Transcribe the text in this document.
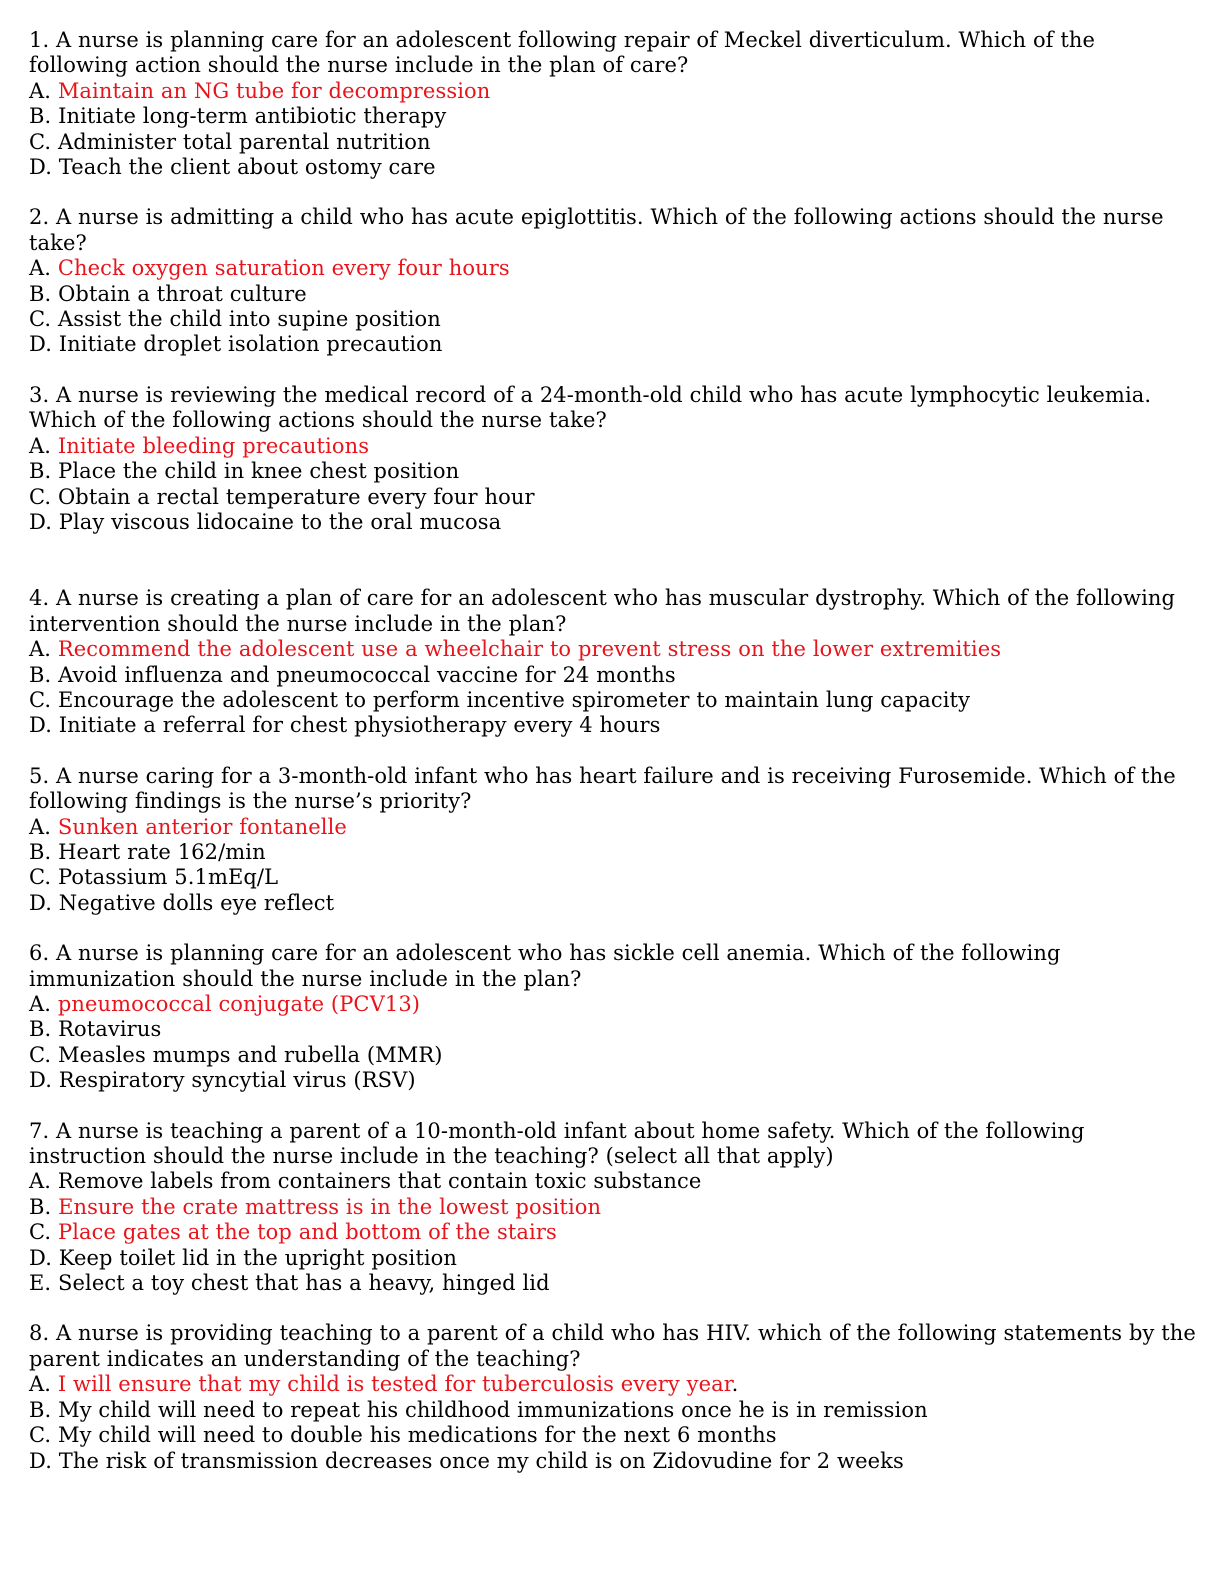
1. A nurse is planning care for an adolescent following repair of Meckel diverticulum. Which of the following action should the nurse include in the plan of care?

A. Maintain an NG tube for decompression

B. Initiate long-term antibiotic therapy

C. Administer total parental nutrition

D. Teach the client about ostomy care

2. A nurse is admitting a child who has acute epiglottitis. Which of the following actions should the nurse take?

A. Check oxygen saturation every four hours

B. Obtain a throat culture

C. Assist the child into supine position

D. Initiate droplet isolation precaution

3. A nurse is reviewing the medical record of a 24-month-old child who has acute lymphocytic leukemia. Which of the following actions should the nurse take?

A. Initiate bleeding precautions

B. Place the child in knee chest position

C. Obtain a rectal temperature every four hour

D. Play viscous lidocaine to the oral mucosa

4. A nurse is creating a plan of care for an adolescent who has muscular dystrophy. Which of the following intervention should the nurse include in the plan?

A. Recommend the adolescent use a wheelchair to prevent stress on the lower extremities

B. Avoid influenza and pneumococcal vaccine for 24 months

C. Encourage the adolescent to perform incentive spirometer to maintain lung capacity

D. Initiate a referral for chest physiotherapy every 4 hours

5. A nurse caring for a 3-month-old infant who has heart failure and is receiving Furosemide. Which of the following findings is the nurse’s priority?

A. Sunken anterior fontanelle

B. Heart rate 162/min

C. Potassium 5.1mEq/L

D. Negative dolls eye reflect

6. A nurse is planning care for an adolescent who has sickle cell anemia. Which of the following immunization should the nurse include in the plan?

A. pneumococcal conjugate (PCV13)

B. Rotavirus

C. Measles mumps and rubella (MMR)

D. Respiratory syncytial virus (RSV)

7. A nurse is teaching a parent of a 10-month-old infant about home safety. Which of the following instruction should the nurse include in the teaching? (select all that apply)

A. Remove labels from containers that contain toxic substance

B. Ensure the crate mattress is in the lowest position

C. Place gates at the top and bottom of the stairs

D. Keep toilet lid in the upright position

E. Select a toy chest that has a heavy, hinged lid

8. A nurse is providing teaching to a parent of a child who has HIV. which of the following statements by the parent indicates an understanding of the teaching?

A. I will ensure that my child is tested for tuberculosis every year.

B. My child will need to repeat his childhood immunizations once he is in remission

C. My child will need to double his medications for the next 6 months

D. The risk of transmission decreases once my child is on Zidovudine for 2 weeks
